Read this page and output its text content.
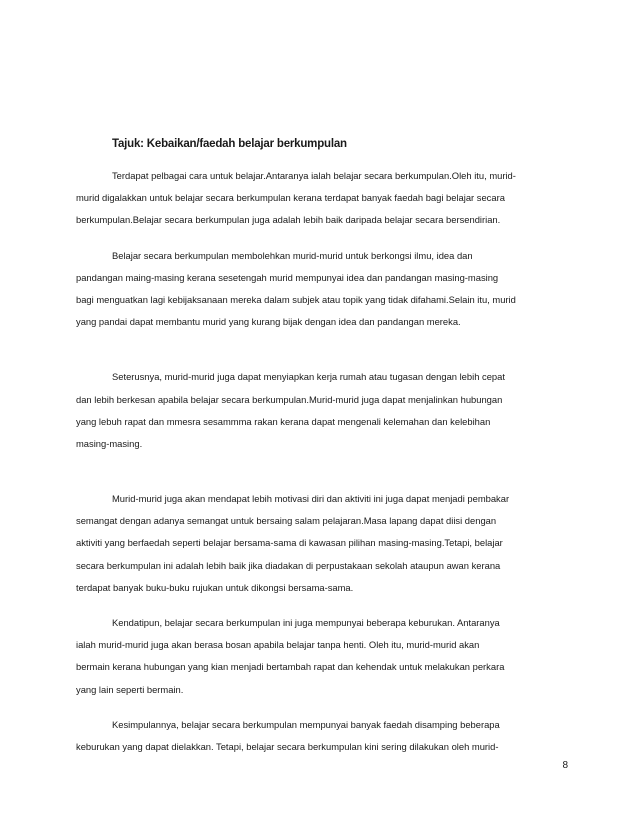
Tajuk: Kebaikan/faedah belajar berkumpulan
Terdapat pelbagai cara untuk belajar.Antaranya ialah belajar secara berkumpulan.Oleh itu, murid-
murid digalakkan untuk belajar secara berkumpulan kerana terdapat banyak faedah bagi belajar secara
berkumpulan.Belajar secara berkumpulan juga adalah lebih baik daripada belajar secara bersendirian.
Belajar secara berkumpulan membolehkan murid-murid untuk berkongsi ilmu, idea dan
pandangan maing-masing kerana sesetengah murid mempunyai idea dan pandangan masing-masing
bagi menguatkan lagi kebijaksanaan mereka dalam subjek atau topik yang tidak difahami.Selain itu, murid
yang pandai dapat membantu murid yang kurang bijak dengan idea dan pandangan mereka.
Seterusnya, murid-murid juga dapat menyiapkan kerja rumah atau tugasan dengan lebih cepat
dan lebih berkesan apabila belajar secara berkumpulan.Murid-murid juga dapat menjalinkan hubungan
yang lebuh rapat dan mmesra sesammma rakan kerana dapat mengenali kelemahan dan kelebihan
masing-masing.
Murid-murid juga akan mendapat lebih motivasi diri dan aktiviti ini juga dapat menjadi pembakar
semangat dengan adanya semangat untuk bersaing salam pelajaran.Masa lapang dapat diisi dengan
aktiviti yang berfaedah seperti belajar bersama-sama di kawasan pilihan masing-masing.Tetapi, belajar
secara berkumpulan ini adalah lebih baik jika diadakan di perpustakaan sekolah ataupun awan kerana
terdapat banyak buku-buku rujukan untuk dikongsi bersama-sama.
Kendatipun, belajar secara berkumpulan ini juga mempunyai beberapa keburukan. Antaranya
ialah murid-murid juga akan berasa bosan apabila belajar tanpa henti. Oleh itu, murid-murid akan
bermain kerana hubungan yang kian menjadi bertambah rapat dan kehendak untuk melakukan perkara
yang lain seperti bermain.
Kesimpulannya, belajar secara berkumpulan mempunyai banyak faedah disamping beberapa
keburukan yang dapat dielakkan. Tetapi, belajar secara berkumpulan kini sering dilakukan oleh murid-
8
